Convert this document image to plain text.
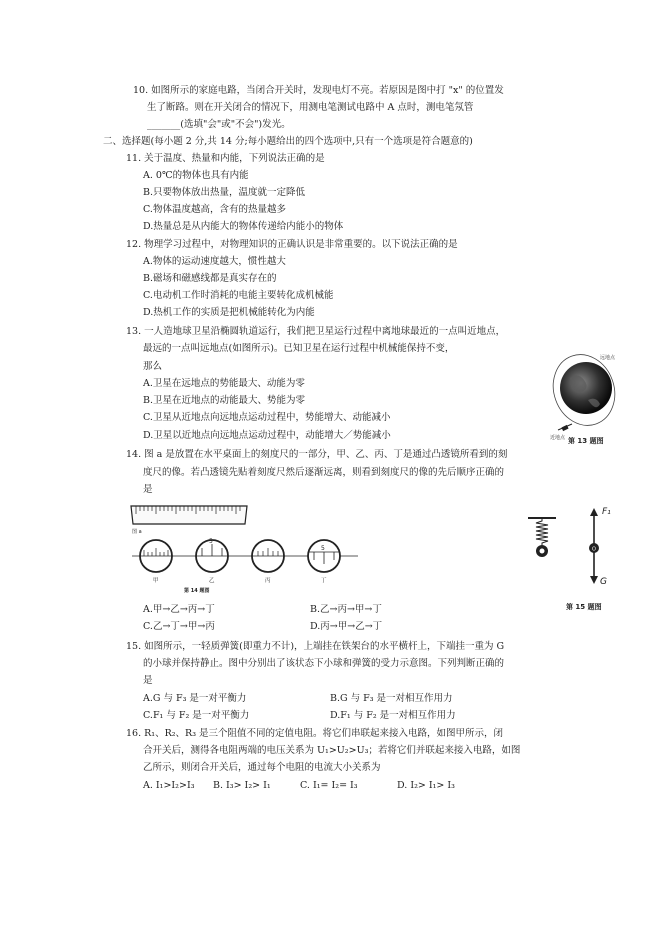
10. 如图所示的家庭电路，当闭合开关时，发现电灯不亮。若原因是图中打 "x" 的位置发
生了断路。则在开关闭合的情况下，用测电笔测试电路中 A 点时，测电笔氖管
_______(选填"会"或"不会")发光。
二、选择题(每小题 2 分,共 14 分;每小题给出的四个选项中,只有一个选项是符合题意的)
11. 关于温度、热量和内能，下列说法正确的是
A. 0℃的物体也具有内能
B.只要物体放出热量，温度就一定降低
C.物体温度越高，含有的热量越多
D.热量总是从内能大的物体传递给内能小的物体
12. 物理学习过程中，对物理知识的正确认识是非常重要的。以下说法正确的是
A.物体的运动速度越大，惯性越大
B.磁场和磁感线都是真实存在的
C.电动机工作时消耗的电能主要转化成机械能
D.热机工作的实质是把机械能转化为内能
13. 一人造地球卫星沿椭圆轨道运行，我们把卫星运行过程中离地球最近的一点叫近地点，
最远的一点叫远地点(如图所示)。已知卫星在运行过程中机械能保持不变，
那么
A.卫星在远地点的势能最大、动能为零
B.卫星在近地点的动能最大、势能为零
C.卫星从近地点向远地点运动过程中，势能增大、动能减小
D.卫星以近地点向远地点运动过程中，动能增大／势能减小
远地点
近地点 第 13 题图
14. 图 a 是放置在水平桌面上的刻度尺的一部分，甲、乙、丙、丁是通过凸透镜所看到的刻
度尺的像。若凸透镜先贴着刻度尺然后逐渐远离，则看到刻度尺的像的先后顺序正确的
是
图 a
甲
5
乙	丙
5
丁
第 14 题图
O
F₁
G
第 15 题图
A.甲→乙→丙→丁	B.乙→丙→甲→丁
C.乙→丁→甲→丙	D.丙→甲→乙→丁
15. 如图所示，一轻质弹簧(即重力不计)，上端挂在铁架台的水平横杆上，下端挂一重为 G
的小球并保持静止。图中分别出了该状态下小球和弹簧的受力示意图。下列判断正确的
是
A.G 与 F₃ 是一对平衡力	B.G 与 F₃ 是一对相互作用力
C.F₁ 与 F₂ 是一对平衡力	D.F₁ 与 F₂ 是一对相互作用力
16. R₁、R₂、R₃ 是三个阻值不同的定值电阻。将它们串联起来接入电路，如图甲所示，闭
合开关后，测得各电阻两端的电压关系为 U₁>U₂>U₃；若将它们并联起来接入电路，如图
乙所示，则闭合开关后，通过每个电阻的电流大小关系为
A. I₁>I₂>I₃ B. I₃> I₂> I₁	C. I₁= I₂= I₃	D. I₂> I₁> I₃
